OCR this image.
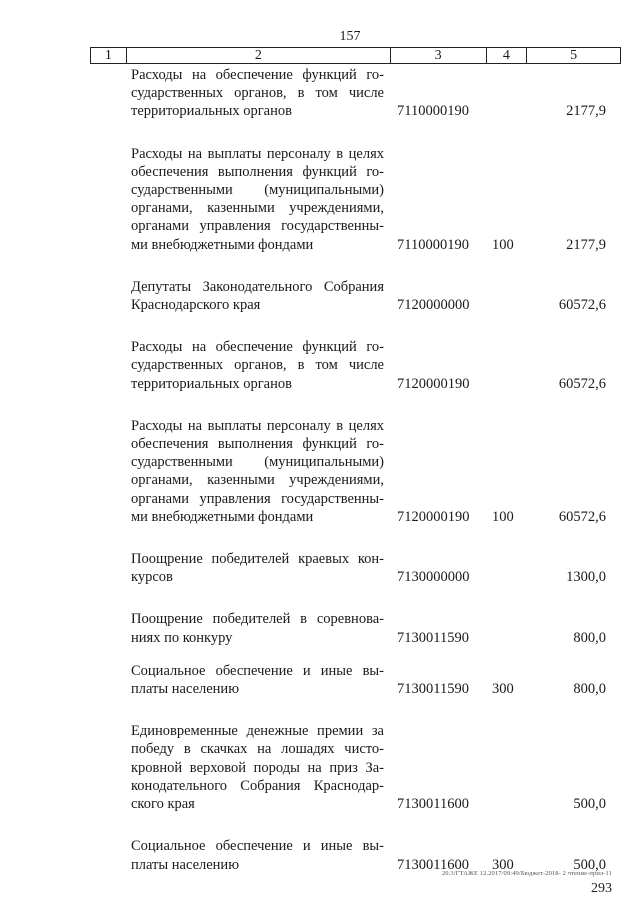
157
1	2	3	4	5
Расходы на обеспечение функций го-
сударственных органов, в том числе
территориальных органов	7110000190	2177,9
Расходы на выплаты персоналу в целях
обеспечения выполнения функций го-
сударственными (муниципальными)
органами, казенными учреждениями,
органами управления государственны-
ми внебюджетными фондами	7110000190 100	2177,9
Депутаты Законодательного Собрания
Краснодарского края	7120000000	60572,6
Расходы на обеспечение функций го-
сударственных органов, в том числе
территориальных органов	7120000190	60572,6
Расходы на выплаты персоналу в целях
обеспечения выполнения функций го-
сударственными (муниципальными)
органами, казенными учреждениями,
органами управления государственны-
ми внебюджетными фондами	7120000190 100	60572,6
Поощрение победителей краевых кон-
курсов	7130000000	1300,0
Поощрение победителей в соревнова-
ниях по конкуру	7130011590	800,0
Социальное обеспечение и иные вы-
платы населению	7130011590 300	800,0
Единовременные денежные премии за
победу в скачках на лошадях чисто-
кровной верховой породы на приз За-
конодательного Собрания Краснодар-
ского края	7130011600	500,0
Социальное обеспечение и иные вы-
платы населению	7130011600 300	500,0
20.3/ГТАЖЕ 12.2017/09:49/Бюджет-2018- 2 чтение-прил-11
293
